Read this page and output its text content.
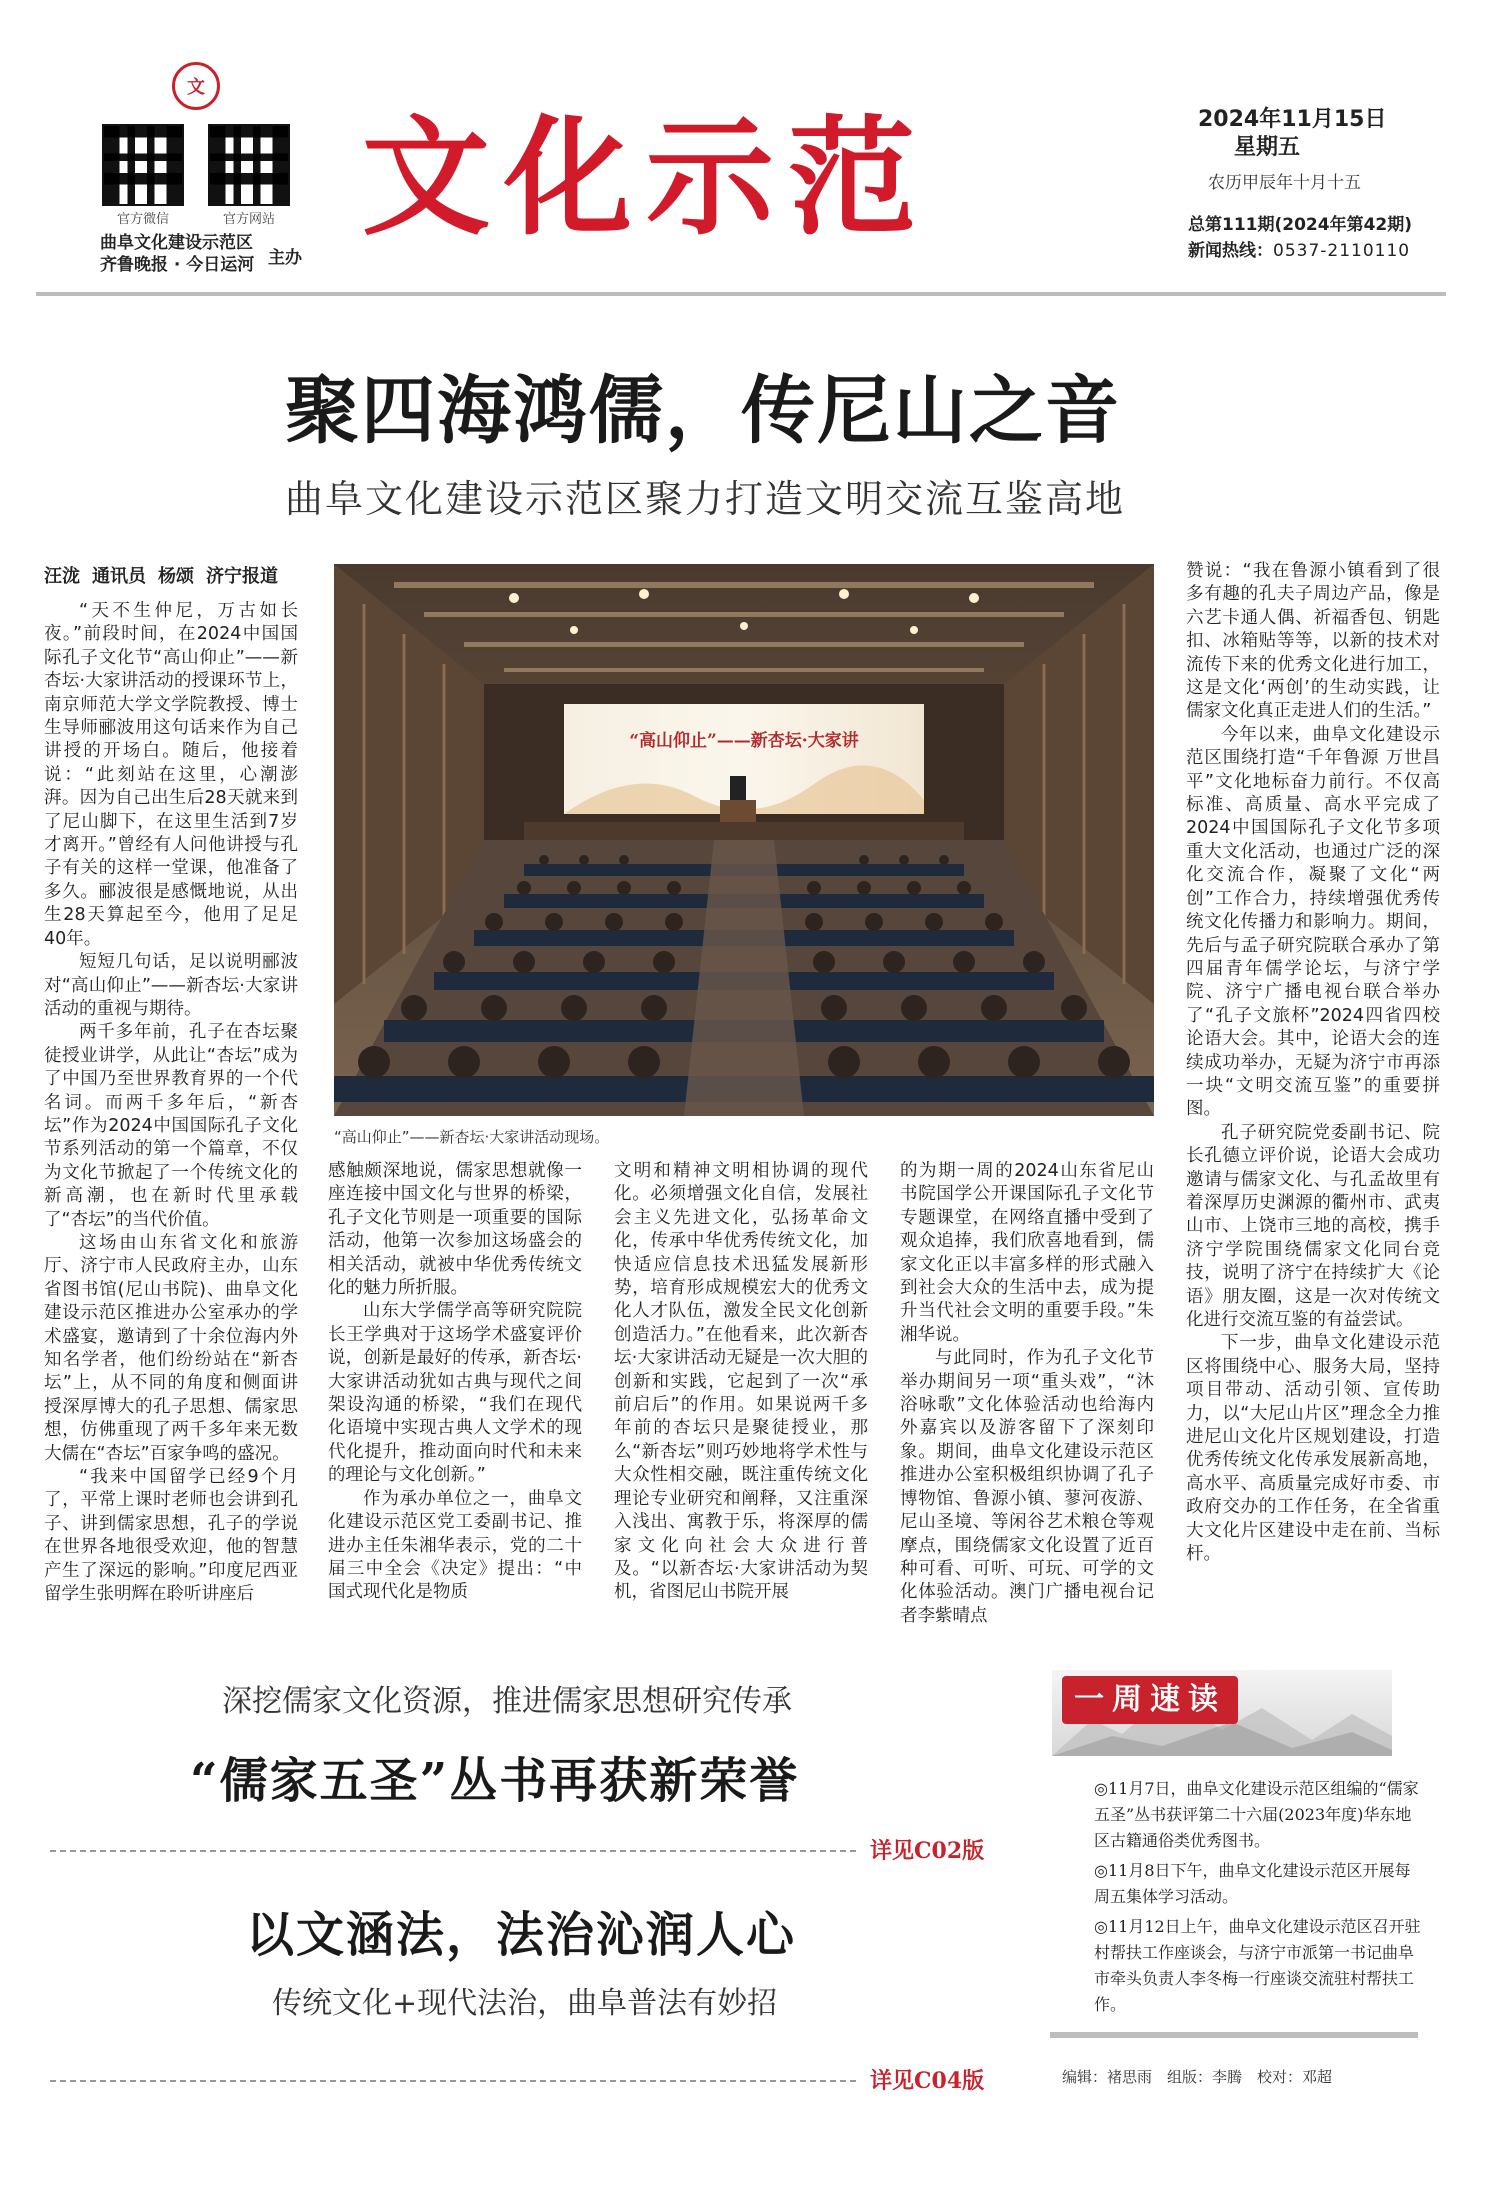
文
官方微信	官方网站
曲阜文化建设示范区
齐鲁晚报 · 今日运河 主办
文化示范	2024年11月15日
星期五
农历甲辰年十月十五
总第111期(2024年第42期)
新闻热线：0537-2110110
聚四海鸿儒，传尼山之音
曲阜文化建设示范区聚力打造文明交流互鉴高地
汪泷 通讯员 杨颂 济宁报道

“天不生仲尼，万古如长夜。”前段时间，在2024中国国际孔子文化节“高山仰止”——新杏坛·大家讲活动的授课环节上，南京师范大学文学院教授、博士生导师郦波用这句话来作为自己讲授的开场白。随后，他接着说：“此刻站在这里，心潮澎湃。因为自己出生后28天就来到了尼山脚下，在这里生活到7岁才离开。”曾经有人问他讲授与孔子有关的这样一堂课，他准备了多久。郦波很是感慨地说，从出生28天算起至今，他用了足足40年。

短短几句话，足以说明郦波对“高山仰止”——新杏坛·大家讲活动的重视与期待。

两千多年前，孔子在杏坛聚徒授业讲学，从此让“杏坛”成为了中国乃至世界教育界的一个代名词。而两千多年后，“新杏坛”作为2024中国国际孔子文化节系列活动的第一个篇章，不仅为文化节掀起了一个传统文化的新高潮，也在新时代里承载了“杏坛”的当代价值。

这场由山东省文化和旅游厅、济宁市人民政府主办，山东省图书馆(尼山书院)、曲阜文化建设示范区推进办公室承办的学术盛宴，邀请到了十余位海内外知名学者，他们纷纷站在“新杏坛”上，从不同的角度和侧面讲授深厚博大的孔子思想、儒家思想，仿佛重现了两千多年来无数大儒在“杏坛”百家争鸣的盛况。

“我来中国留学已经9个月了，平常上课时老师也会讲到孔子、讲到儒家思想，孔子的学说在世界各地很受欢迎，他的智慧产生了深远的影响。”印度尼西亚留学生张明辉在聆听讲座后

“高山仰止”——新杏坛·大家讲
“高山仰止”——新杏坛·大家讲活动现场。

赞说：“我在鲁源小镇看到了很多有趣的孔夫子周边产品，像是六艺卡通人偶、祈福香包、钥匙扣、冰箱贴等等，以新的技术对流传下来的优秀文化进行加工，这是文化‘两创’的生动实践，让儒家文化真正走进人们的生活。”

今年以来，曲阜文化建设示范区围绕打造“千年鲁源 万世昌平”文化地标奋力前行。不仅高标准、高质量、高水平完成了2024中国国际孔子文化节多项重大文化活动，也通过广泛的深化交流合作，凝聚了文化“两创”工作合力，持续增强优秀传统文化传播力和影响力。期间，先后与孟子研究院联合承办了第四届青年儒学论坛，与济宁学院、济宁广播电视台联合举办了“孔子文旅杯”2024四省四校论语大会。其中，论语大会的连续成功举办，无疑为济宁市再添一块“文明交流互鉴”的重要拼图。

孔子研究院党委副书记、院长孔德立评价说，论语大会成功邀请与儒家文化、与孔孟故里有着深厚历史渊源的衢州市、武夷山市、上饶市三地的高校，携手济宁学院围绕儒家文化同台竞技，说明了济宁在持续扩大《论语》朋友圈，这是一次对传统文化进行交流互鉴的有益尝试。

下一步，曲阜文化建设示范区将围绕中心、服务大局，坚持项目带动、活动引领、宣传助力，以“大尼山片区”理念全力推进尼山文化片区规划建设，打造优秀传统文化传承发展新高地，高水平、高质量完成好市委、市政府交办的工作任务，在全省重大文化片区建设中走在前、当标杆。

感触颇深地说，儒家思想就像一座连接中国文化与世界的桥梁，孔子文化节则是一项重要的国际活动，他第一次参加这场盛会的相关活动，就被中华优秀传统文化的魅力所折服。

山东大学儒学高等研究院院长王学典对于这场学术盛宴评价说，创新是最好的传承，新杏坛·大家讲活动犹如古典与现代之间架设沟通的桥梁，“我们在现代化语境中实现古典人文学术的现代化提升，推动面向时代和未来的理论与文化创新。”

作为承办单位之一，曲阜文化建设示范区党工委副书记、推进办主任朱湘华表示，党的二十届三中全会《决定》提出：“中国式现代化是物质

文明和精神文明相协调的现代化。必须增强文化自信，发展社会主义先进文化，弘扬革命文化，传承中华优秀传统文化，加快适应信息技术迅猛发展新形势，培育形成规模宏大的优秀文化人才队伍，激发全民文化创新创造活力。”在他看来，此次新杏坛·大家讲活动无疑是一次大胆的创新和实践，它起到了一次“承前启后”的作用。如果说两千多年前的杏坛只是聚徒授业，那么“新杏坛”则巧妙地将学术性与大众性相交融，既注重传统文化理论专业研究和阐释，又注重深入浅出、寓教于乐，将深厚的儒家文化向社会大众进行普及。“以新杏坛·大家讲活动为契机，省图尼山书院开展

的为期一周的2024山东省尼山书院国学公开课国际孔子文化节专题课堂，在网络直播中受到了观众追捧，我们欣喜地看到，儒家文化正以丰富多样的形式融入到社会大众的生活中去，成为提升当代社会文明的重要手段。”朱湘华说。

与此同时，作为孔子文化节举办期间另一项“重头戏”，“沐浴咏歌”文化体验活动也给海内外嘉宾以及游客留下了深刻印象。期间，曲阜文化建设示范区推进办公室积极组织协调了孔子博物馆、鲁源小镇、蓼河夜游、尼山圣境、等闲谷艺术粮仓等观摩点，围绕儒家文化设置了近百种可看、可听、可玩、可学的文化体验活动。澳门广播电视台记者李紫晴点

深挖儒家文化资源，推进儒家思想研究传承
“儒家五圣”丛书再获新荣誉
详见C02版
以文涵法，法治沁润人心
传统文化+现代法治，曲阜普法有妙招
详见C04版
一周速读

◎11月7日，曲阜文化建设示范区组编的“儒家五圣”丛书获评第二十六届(2023年度)华东地区古籍通俗类优秀图书。

◎11月8日下午，曲阜文化建设示范区开展每周五集体学习活动。

◎11月12日上午，曲阜文化建设示范区召开驻村帮扶工作座谈会，与济宁市派第一书记曲阜市牵头负责人李冬梅一行座谈交流驻村帮扶工作。

编辑：褚思雨　组版：李腾　校对：邓超
